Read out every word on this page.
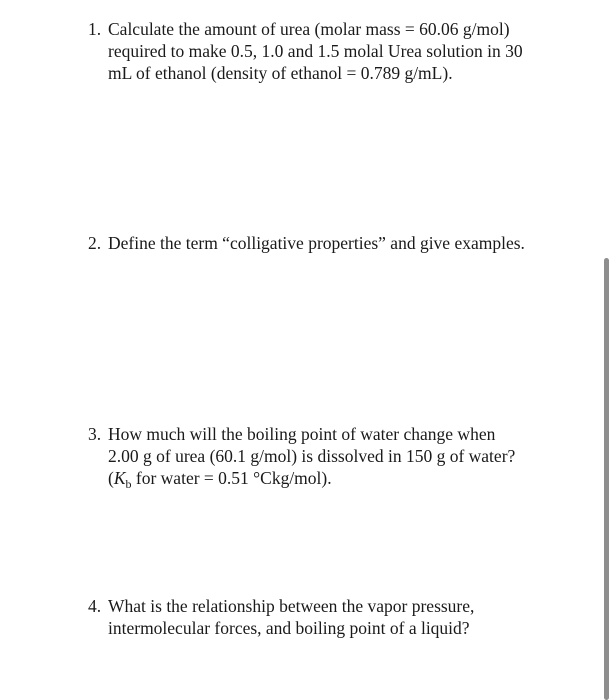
1. Calculate the amount of urea (molar mass = 60.06 g/mol)
required to make 0.5, 1.0 and 1.5 molal Urea solution in 30
mL of ethanol (density of ethanol = 0.789 g/mL).
2. Define the term “colligative properties” and give examples.
3. How much will the boiling point of water change when
2.00 g of urea (60.1 g/mol) is dissolved in 150 g of water?
($K_b$ for water = 0.51 °Ckg/mol).
4. What is the relationship between the vapor pressure,
intermolecular forces, and boiling point of a liquid?
